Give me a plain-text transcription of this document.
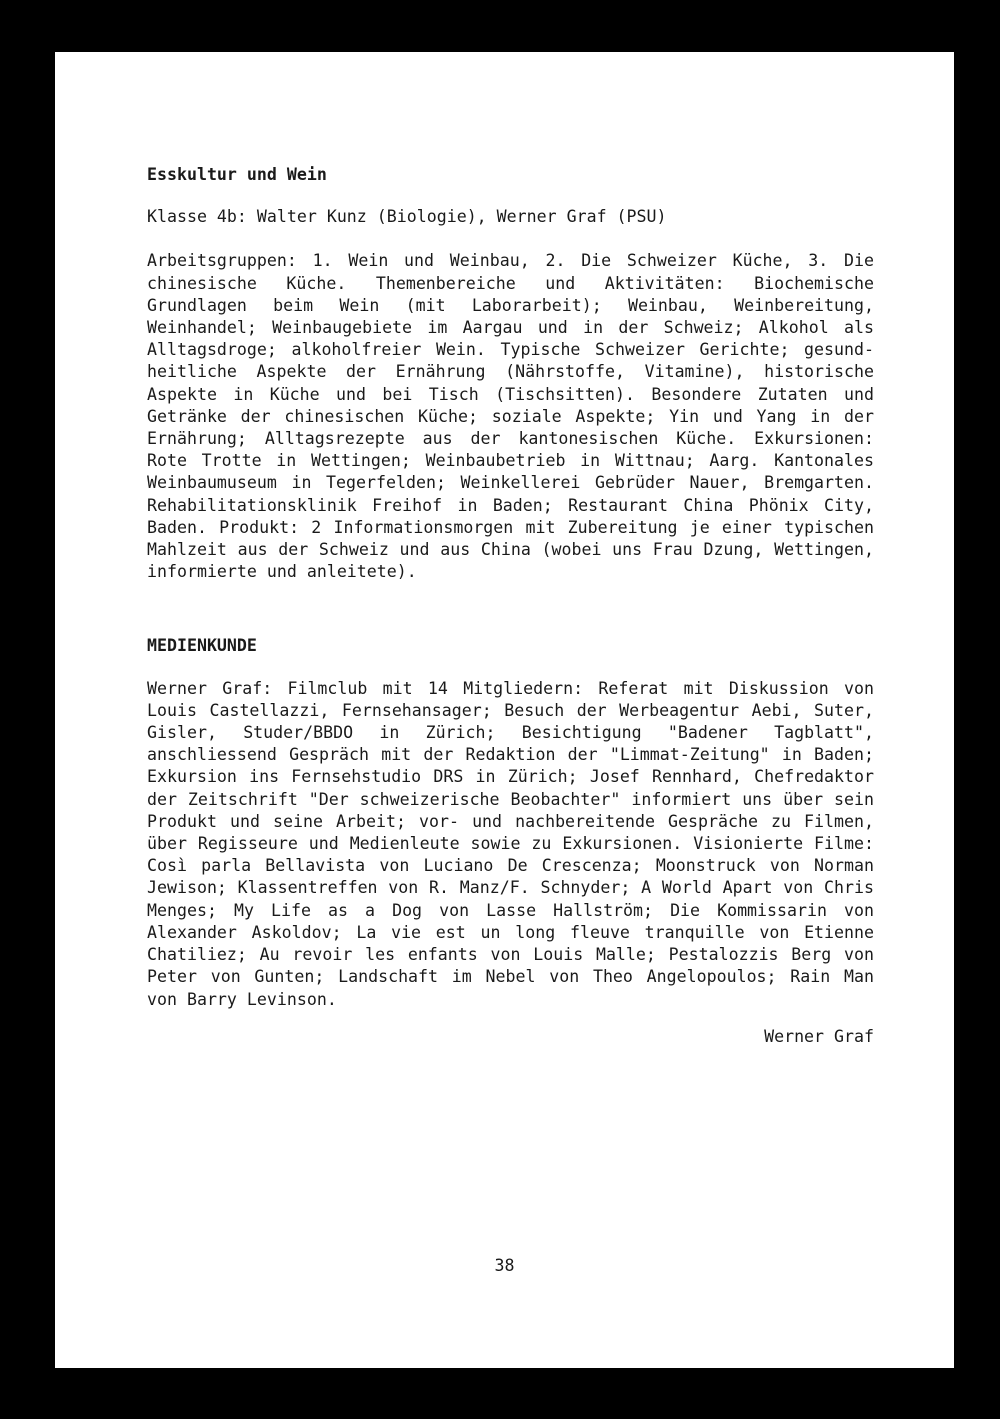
Esskultur und Wein

Klasse 4b: Walter Kunz (Biologie), Werner Graf (PSU)

Arbeitsgruppen: 1. Wein und Weinbau, 2. Die Schweizer Küche, 3. Die chinesische Küche. Themenbereiche und Aktivitäten: Biochemische Grundlagen beim Wein (mit Laborarbeit); Weinbau, Weinbereitung, Weinhandel; Weinbaugebiete im Aargau und in der Schweiz; Alkohol als Alltagsdroge; alkoholfreier Wein. Typische Schweizer Gerichte; gesundheitliche Aspekte der Ernährung (Nährstoffe, Vitamine), historische Aspekte in Küche und bei Tisch (Tischsitten). Besondere Zutaten und Getränke der chinesischen Küche; soziale Aspekte; Yin und Yang in der Ernährung; Alltagsrezepte aus der kantonesischen Küche. Exkursionen: Rote Trotte in Wettingen; Weinbaubetrieb in Wittnau; Aarg. Kantonales Weinbaumuseum in Tegerfelden; Weinkellerei Gebrüder Nauer, Bremgarten. Rehabilitationsklinik Freihof in Baden; Restaurant China Phönix City, Baden. Produkt: 2 Informationsmorgen mit Zubereitung je einer typischen Mahlzeit aus der Schweiz und aus China (wobei uns Frau Dzung, Wettingen, informierte und anleitete).

MEDIENKUNDE

Werner Graf: Filmclub mit 14 Mitgliedern: Referat mit Diskussion von Louis Castellazzi, Fernsehansager; Besuch der Werbeagentur Aebi, Suter, Gisler, Studer/BBDO in Zürich; Besichtigung "Badener Tagblatt", anschliessend Gespräch mit der Redaktion der "Limmat-Zeitung" in Baden; Exkursion ins Fernsehstudio DRS in Zürich; Josef Rennhard, Chefredaktor der Zeitschrift "Der schweizerische Beobachter" informiert uns über sein Produkt und seine Arbeit; vor- und nachbereitende Gespräche zu Filmen, über Regisseure und Medienleute sowie zu Exkursionen. Visionierte Filme: Così parla Bellavista von Luciano De Crescenza; Moonstruck von Norman Jewison; Klassentreffen von R. Manz/F. Schnyder; A World Apart von Chris Menges; My Life as a Dog von Lasse Hallström; Die Kommissarin von Alexander Askoldov; La vie est un long fleuve tranquille von Etienne Chatiliez; Au revoir les enfants von Louis Malle; Pestalozzis Berg von Peter von Gunten; Landschaft im Nebel von Theo Angelopoulos; Rain Man von Barry Levinson.

Werner Graf

38
